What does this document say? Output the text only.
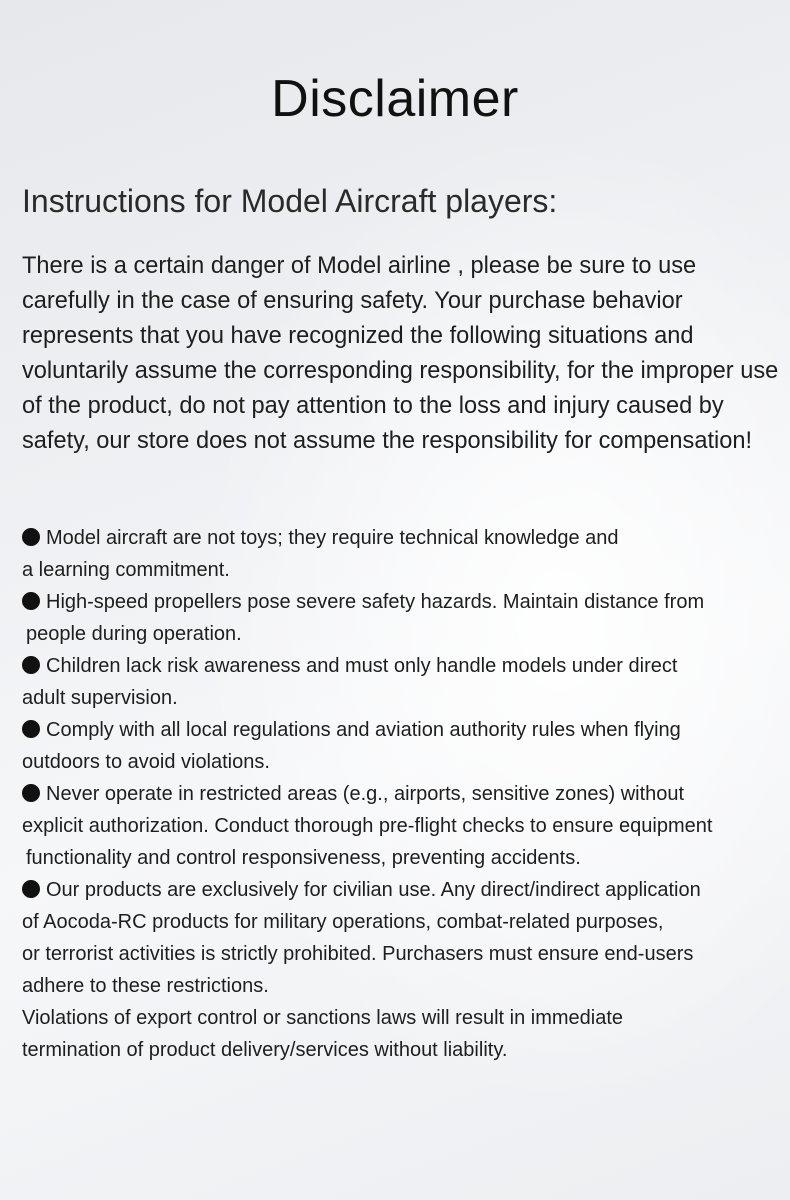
Disclaimer
Instructions for Model Aircraft players:

There is a certain danger of Model airline , please be sure to use carefully in the case of ensuring safety. Your purchase behavior represents that you have recognized the following situations and voluntarily assume the corresponding responsibility, for the improper use of the product, do not pay attention to the loss and injury caused by safety, our store does not assume the responsibility for compensation!

Model aircraft are not toys; they require technical knowledge and
a learning commitment.
High-speed propellers pose severe safety hazards. Maintain distance from
people during operation.
Children lack risk awareness and must only handle models under direct
adult supervision.
Comply with all local regulations and aviation authority rules when flying
outdoors to avoid violations.
Never operate in restricted areas (e.g., airports, sensitive zones) without
explicit authorization. Conduct thorough pre-flight checks to ensure equipment
functionality and control responsiveness, preventing accidents.
Our products are exclusively for civilian use. Any direct/indirect application
of Aocoda-RC products for military operations, combat-related purposes,
or terrorist activities is strictly prohibited. Purchasers must ensure end-users
adhere to these restrictions.
Violations of export control or sanctions laws will result in immediate
termination of product delivery/services without liability.
